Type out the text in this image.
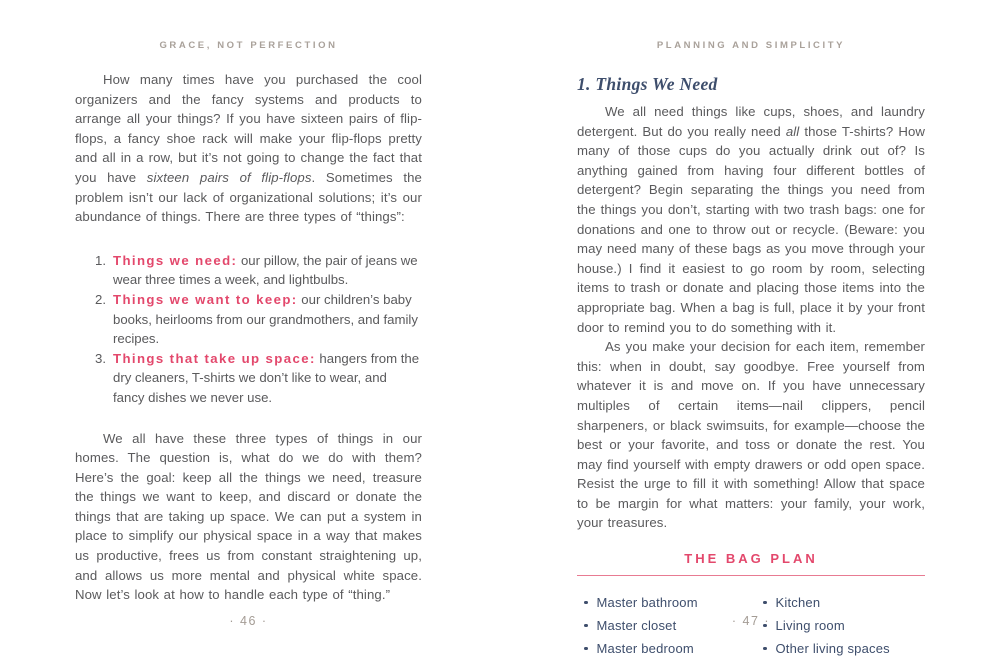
GRACE, NOT PERFECTION

How many times have you purchased the cool organizers and the fancy systems and products to arrange all your things? If you have sixteen pairs of flip-flops, a fancy shoe rack will make your flip-flops pretty and all in a row, but it’s not going to change the fact that you have sixteen pairs of flip-flops. Sometimes the problem isn’t our lack of organizational solutions; it’s our abundance of things. There are three types of “things”:

1. Things we need: our pillow, the pair of jeans we wear three times a week, and lightbulbs.
2. Things we want to keep: our children’s baby books, heirlooms from our grandmothers, and family recipes.
3. Things that take up space: hangers from the dry cleaners, T-shirts we don’t like to wear, and fancy dishes we never use.

We all have these three types of things in our homes. The question is, what do we do with them? Here’s the goal: keep all the things we need, treasure the things we want to keep, and discard or donate the things that are taking up space. We can put a system in place to simplify our physical space in a way that makes us productive, frees us from constant straightening up, and allows us more mental and physical white space. Now let’s look at how to handle each type of “thing.”

· 46 ·
PLANNING AND SIMPLICITY
1. Things We Need

We all need things like cups, shoes, and laundry detergent. But do you really need all those T-shirts? How many of those cups do you actually drink out of? Is anything gained from having four different bottles of detergent? Begin separating the things you need from the things you don’t, starting with two trash bags: one for donations and one to throw out or recycle. (Beware: you may need many of these bags as you move through your house.) I find it easiest to go room by room, selecting items to trash or donate and placing those items into the appropriate bag. When a bag is full, place it by your front door to remind you to do something with it.

As you make your decision for each item, remember this: when in doubt, say goodbye. Free yourself from whatever it is and move on. If you have unnecessary multiples of certain items—nail clippers, pencil sharpeners, or black swimsuits, for example—choose the best or your favorite, and toss or donate the rest. You may find yourself with empty drawers or odd open space. Resist the urge to fill it with something! Allow that space to be margin for what matters: your family, your work, your treasures.

THE BAG PLAN
Master bathroom
Master closet
Master bedroom
Kitchen
Living room
Other living spaces
· 47 ·
